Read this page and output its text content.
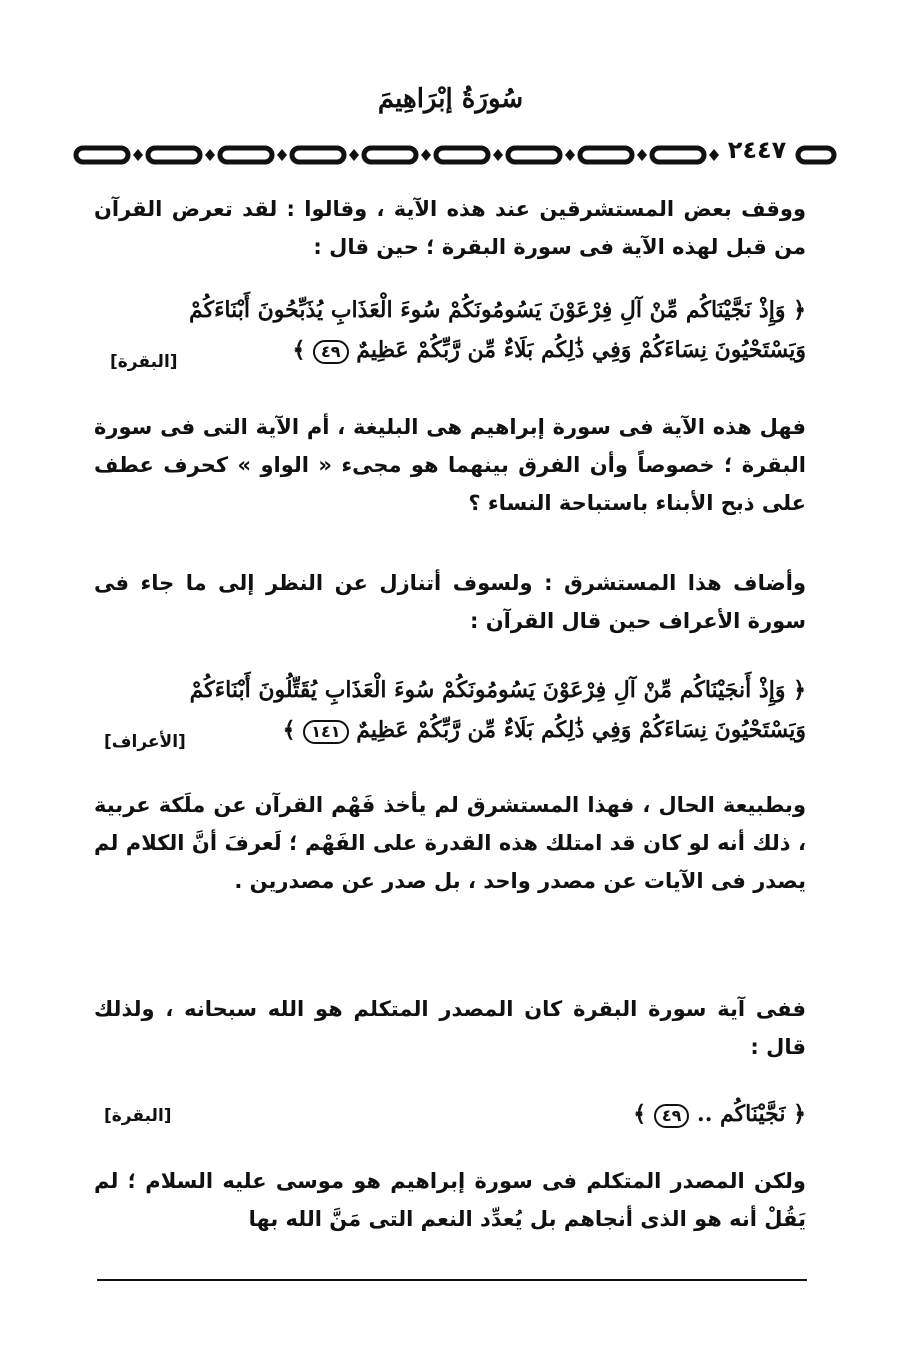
سُورَةُ إبْرَاهِيمَ
٢٤٤٧

ووقف بعض المستشرقين عند هذه الآية ، وقالوا : لقد تعرض القرآن من قبل لهذه الآية فى سورة البقرة ؛ حين قال :

﴿ وَإِذْ نَجَّيْنَاكُم مِّنْ آلِ فِرْعَوْنَ يَسُومُونَكُمْ سُوءَ الْعَذَابِ يُذَبِّحُونَ أَبْنَاءَكُمْ
وَيَسْتَحْيُونَ نِسَاءَكُمْ وَفِي ذَٰلِكُم بَلَاءٌ مِّن رَّبِّكُمْ عَظِيمٌ ٤٩ ﴾
[البقرة]

فهل هذه الآية فى سورة إبراهيم هى البليغة ، أم الآية التى فى سورة البقرة ؛ خصوصاً وأن الفرق بينهما هو مجىء « الواو » كحرف عطف على ذبح الأبناء باستباحة النساء ؟

وأضاف هذا المستشرق : ولسوف أتنازل عن النظر إلى ما جاء فى سورة الأعراف حين قال القرآن :

﴿ وَإِذْ أَنجَيْنَاكُم مِّنْ آلِ فِرْعَوْنَ يَسُومُونَكُمْ سُوءَ الْعَذَابِ يُقَتِّلُونَ أَبْنَاءَكُمْ
وَيَسْتَحْيُونَ نِسَاءَكُمْ وَفِي ذَٰلِكُم بَلَاءٌ مِّن رَّبِّكُمْ عَظِيمٌ ١٤١ ﴾
[الأعراف]

وبطبيعة الحال ، فهذا المستشرق لم يأخذ فَهْم القرآن عن ملَكة عربية ، ذلك أنه لو كان قد امتلك هذه القدرة على الفَهْم ؛ لَعرفَ أنَّ الكلام لم يصدر فى الآيات عن مصدر واحد ، بل صدر عن مصدرين .

ففى آية سورة البقرة كان المصدر المتكلم هو الله سبحانه ، ولذلك قال :

﴿ نَجَّيْنَاكُم .. ٤٩ ﴾
[البقرة]

ولكن المصدر المتكلم فى سورة إبراهيم هو موسى عليه السلام ؛ لم يَقُلْ أنه هو الذى أنجاهم بل يُعدِّد النعم التى مَنَّ الله بها
